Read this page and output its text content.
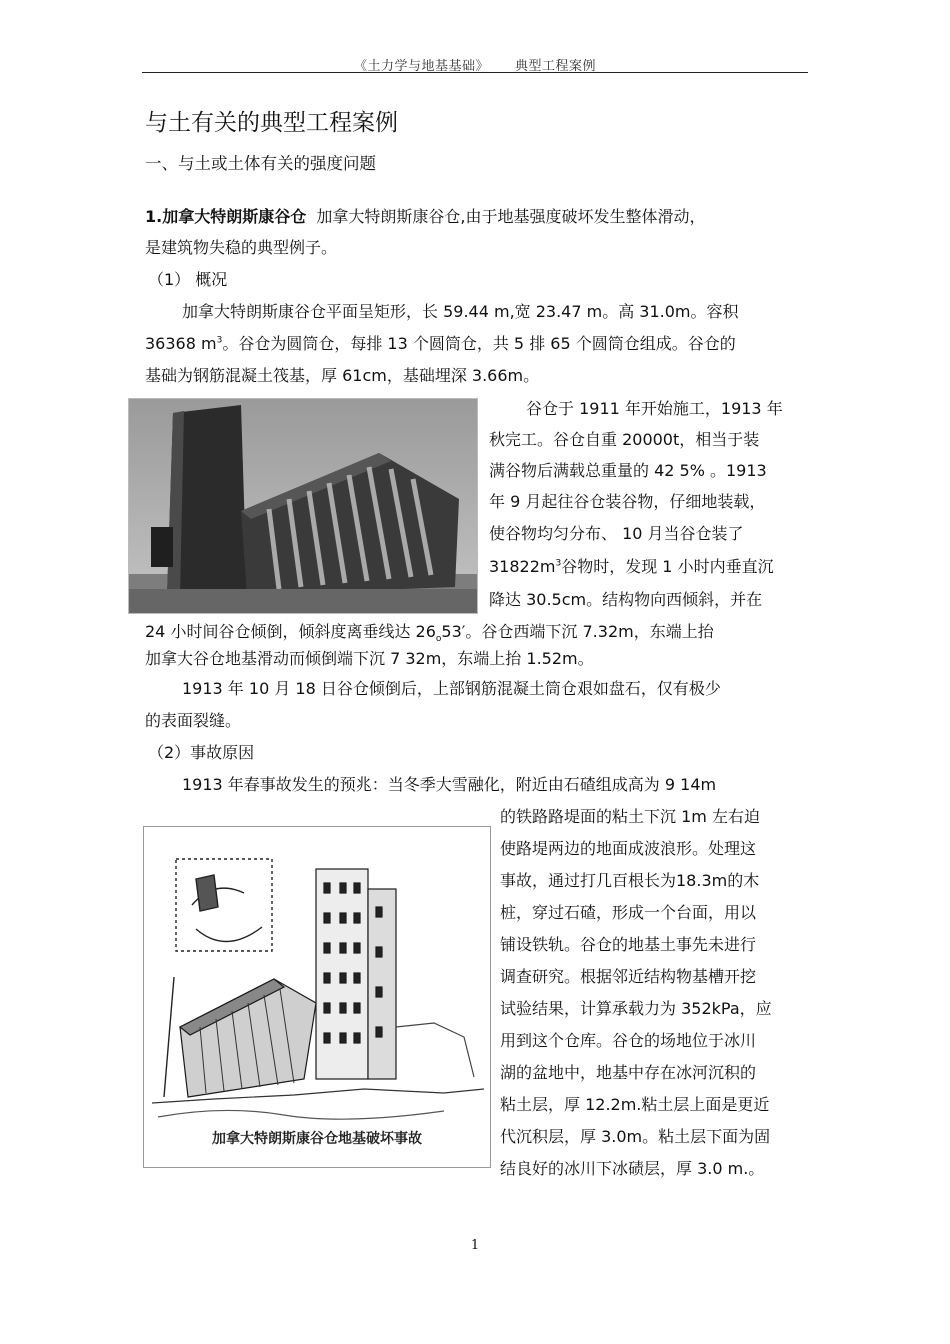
《土力学与地基基础》 典型工程案例
与土有关的典型工程案例
一、与土或土体有关的强度问题
1.加拿大特朗斯康谷仓 加拿大特朗斯康谷仓,由于地基强度破坏发生整体滑动，
是建筑物失稳的典型例子。
（1） 概况
加拿大特朗斯康谷仓平面呈矩形，长 59.44 m,宽 23.47 m。高 31.0m。容积
36368 $m^3$。谷仓为圆筒仓，每排 13 个圆筒仓，共 5 排 65 个圆筒仓组成。谷仓的
基础为钢筋混凝土筏基，厚 61cm，基础埋深 3.66m。
谷仓于 1911 年开始施工，1913 年
秋完工。谷仓自重 20000t，相当于装
满谷物后满载总重量的 42 5% 。1913
年 9 月起往谷仓装谷物，仔细地装载，
使谷物均匀分布、 10 月当谷仓装了
$31822m^3$谷物时，发现 1 小时内垂直沉
降达 30.5cm。结构物向西倾斜，并在
24 小时间谷仓倾倒，倾斜度离垂线达 $26_o53'$。谷仓西端下沉 7.32m，东端上抬
加拿大谷仓地基滑动而倾倒端下沉 7 32m，东端上抬 1.52m。
1913 年 10 月 18 日谷仓倾倒后，上部钢筋混凝土筒仓艰如盘石，仅有极少
的表面裂缝。
（2）事故原因
1913 年春事故发生的预兆：当冬季大雪融化，附近由石碴组成高为 9 14m
的铁路路堤面的粘土下沉 1m 左右迫
使路堤两边的地面成波浪形。处理这
事故，通过打几百根长为18.3m的木
桩，穿过石碴，形成一个台面，用以
铺设铁轨。谷仓的地基土事先未进行
调查研究。根据邻近结构物基槽开挖
试验结果，计算承载力为 352kPa，应
用到这个仓库。谷仓的场地位于冰川
湖的盆地中，地基中存在冰河沉积的
粘土层，厚 12.2m.粘土层上面是更近
代沉积层，厚 3.0m。粘土层下面为固
结良好的冰川下冰碛层，厚 3.0 m.。
加拿大特朗斯康谷仓地基破坏事故
1
